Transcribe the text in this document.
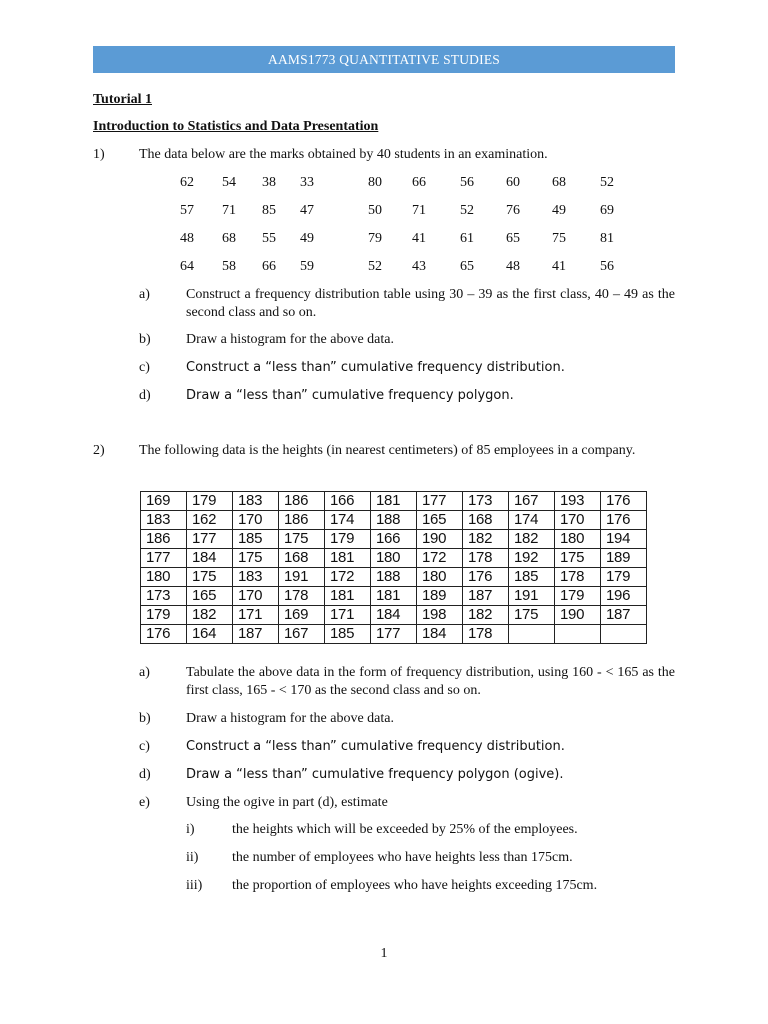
AAMS1773 QUANTITATIVE STUDIES
Tutorial 1
Introduction to Statistics and Data Presentation
1) The data below are the marks obtained by 40 students in an examination.
62	54	38	33	80	66	56	60	68	52
57	71	85	47	50	71	52	76	49	69
48	68	55	49	79	41	61	65	75	81
64	58	66	59	52	43	65	48	41	56
a)	Construct a frequency distribution table using 30 – 39 as the first class, 40 – 49 as the second class and so on.
b)	Draw a histogram for the above data.
c)	Construct a “less than” cumulative frequency distribution.
d)	Draw a “less than” cumulative frequency polygon.
2) The following data is the heights (in nearest centimeters) of 85 employees in a company.
169	179	183	186	166	181	177	173	167	193	176
183	162	170	186	174	188	165	168	174	170	176
186	177	185	175	179	166	190	182	182	180	194
177	184	175	168	181	180	172	178	192	175	189
180	175	183	191	172	188	180	176	185	178	179
173	165	170	178	181	181	189	187	191	179	196
179	182	171	169	171	184	198	182	175	190	187
176	164	187	167	185	177	184	178			
a)	Tabulate the above data in the form of frequency distribution, using 160 - < 165 as the first class, 165 - < 170 as the second class and so on.
b)	Draw a histogram for the above data.
c)	Construct a “less than” cumulative frequency distribution.
d)	Draw a “less than” cumulative frequency polygon (ogive).
e)	Using the ogive in part (d), estimate
i)	the heights which will be exceeded by 25% of the employees.
ii) the number of employees who have heights less than 175cm.
iii) the proportion of employees who have heights exceeding 175cm.
1
